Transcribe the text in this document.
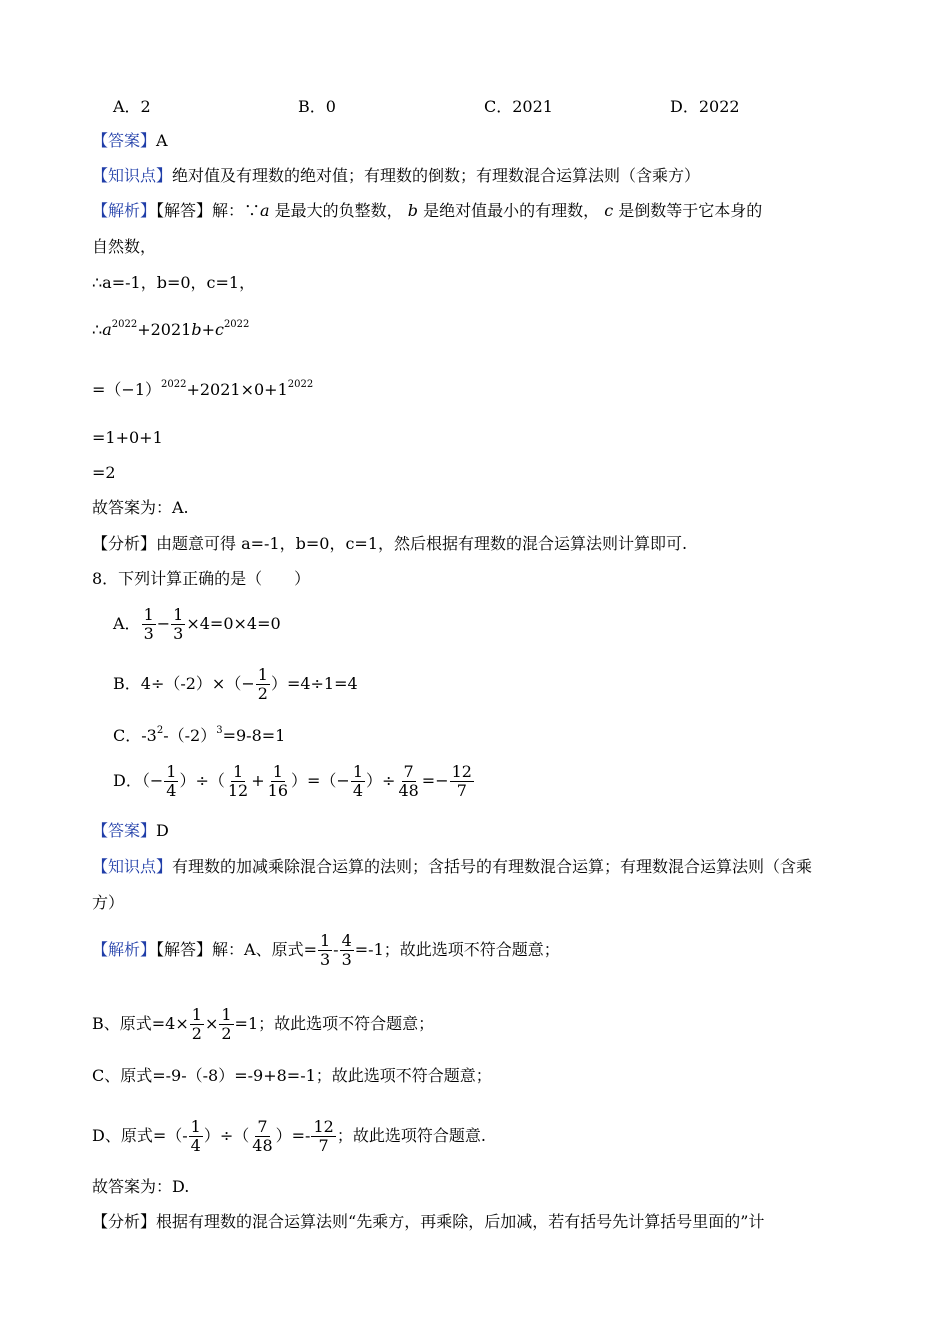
A．2	B．0	C．2021	D．2022
【答案】A
【知识点】绝对值及有理数的绝对值；有理数的倒数；有理数混合运算法则（含乘方）
【解析】【解答】解：∵a 是最大的负整数， b 是绝对值最小的有理数， c 是倒数等于它本身的
自然数，
∴a=-1，b=0，c=1，
$\therefore a^{2022}+2021b+c^{2022}$
$=(-1)^{2022}+2021\times 0+1^{2022}$
=1+0+1
=2
故答案为：A.
【分析】由题意可得 a=-1，b=0，c=1，然后根据有理数的混合运算法则计算即可.
8．下列计算正确的是（　　）
A． $\frac{1}{3} - \frac{1}{3} \times 4=0\times 4=0$
B．$4\div(-2)\times(- \frac{1}{2} )=4\div 1=4$
C．$-3^2-(-2)^3=9-8=1$
D．（− $\frac{1}{4}$ ）÷（ $\frac{1}{12} + \frac{1}{16}$ ）=（− $\frac{1}{4}$ ）÷ $\frac{7}{48} =- \frac{12}{7}$
【答案】D
【知识点】有理数的加减乘除混合运算的法则；含括号的有理数混合运算；有理数混合运算法则（含乘
方）
【解析】【解答】解：A、原式= $\frac{1}{3} - \frac{4}{3} =-1$；故此选项不符合题意；
B、原式$=4\times \frac{1}{2} \times \frac{1}{2} =1$；故此选项不符合题意；
C、原式=-9-（-8）=-9+8=-1；故此选项不符合题意；
D、原式=（- $\frac{1}{4}$ ）÷（ $\frac{7}{48}$ ）=- $\frac{12}{7}$ ；故此选项符合题意.
故答案为：D.
【分析】根据有理数的混合运算法则“先乘方，再乘除，后加减，若有括号先计算括号里面的”计
